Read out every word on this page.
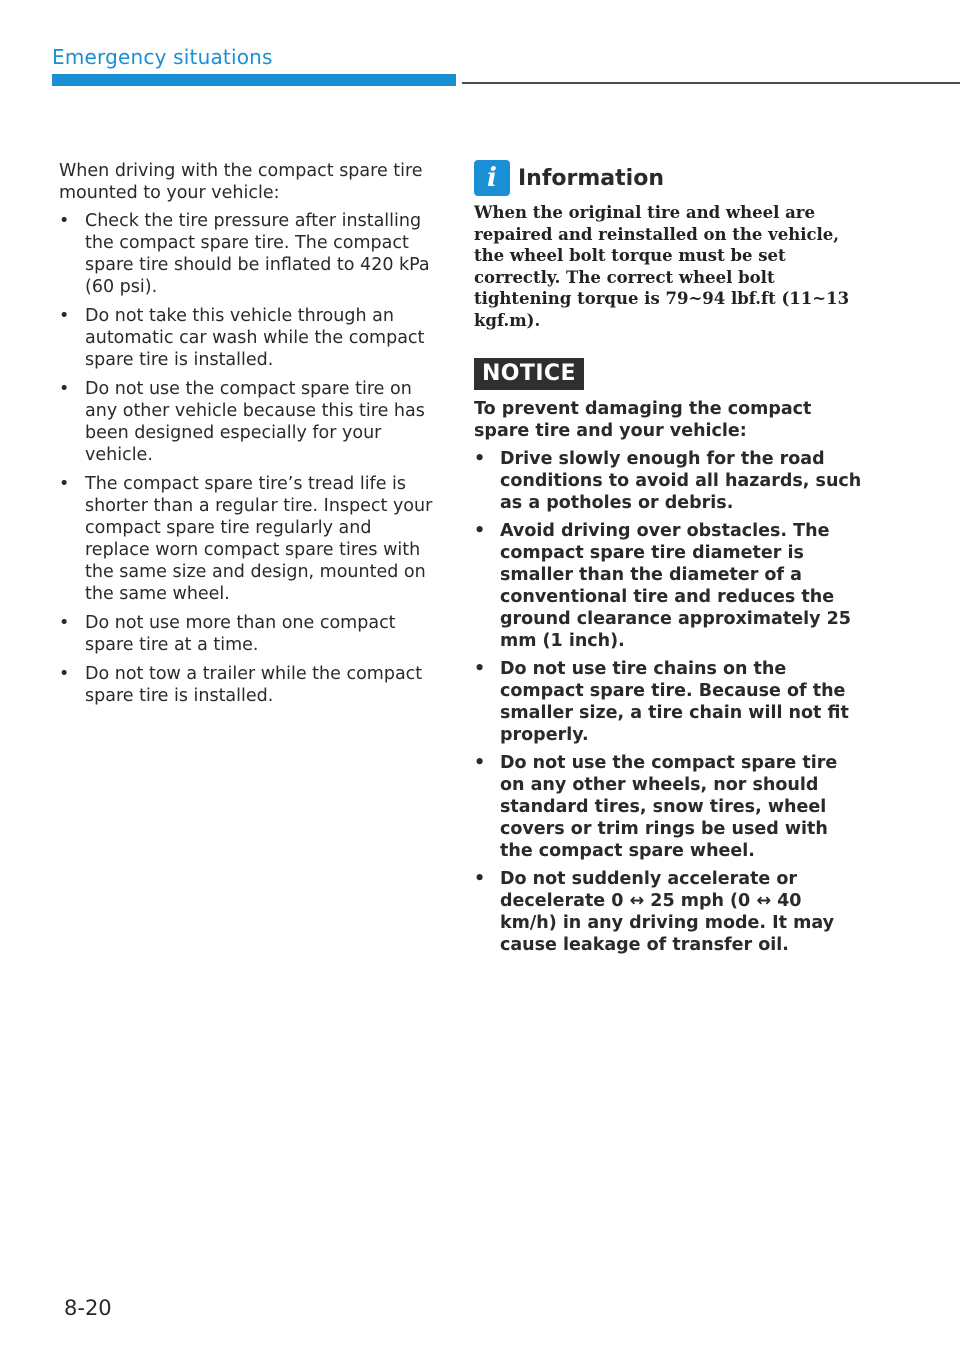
Emergency situations

When driving with the compact spare tire mounted to your vehicle:

• Check the tire pressure after installing the compact spare tire. The compact spare tire should be inflated to 420 kPa (60 psi).
• Do not take this vehicle through an automatic car wash while the compact spare tire is installed.
• Do not use the compact spare tire on any other vehicle because this tire has been designed especially for your vehicle.
• The compact spare tire’s tread life is shorter than a regular tire. Inspect your compact spare tire regularly and replace worn compact spare tires with the same size and design, mounted on the same wheel.
• Do not use more than one compact spare tire at a time.
• Do not tow a trailer while the compact spare tire is installed.
i Information
When the original tire and wheel are repaired and reinstalled on the vehicle, the wheel bolt torque must be set correctly. The correct wheel bolt tightening torque is 79~94 lbf.ft (11~13 kgf.m).
NOTICE

To prevent damaging the compact spare tire and your vehicle:

• Drive slowly enough for the road conditions to avoid all hazards, such as a potholes or debris.
• Avoid driving over obstacles. The compact spare tire diameter is smaller than the diameter of a conventional tire and reduces the ground clearance approximately 25 mm (1 inch).
• Do not use tire chains on the compact spare tire. Because of the smaller size, a tire chain will not fit properly.
• Do not use the compact spare tire on any other wheels, nor should standard tires, snow tires, wheel covers or trim rings be used with the compact spare wheel.
• Do not suddenly accelerate or decelerate 0 ↔ 25 mph (0 ↔ 40 km/h) in any driving mode. It may cause leakage of transfer oil.
8-20
